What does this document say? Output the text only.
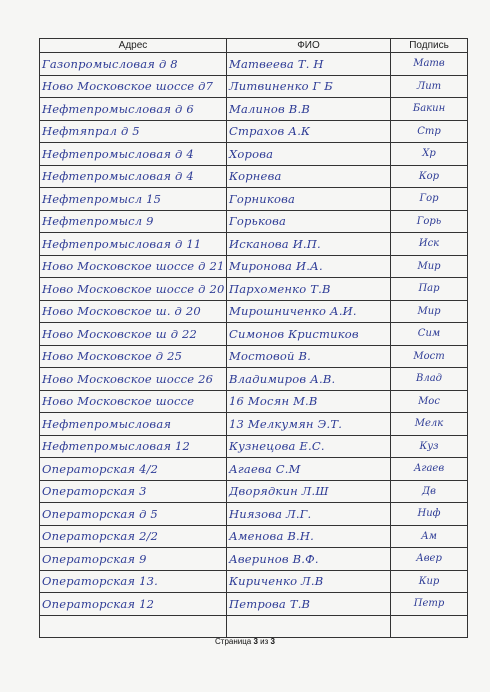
Адрес	ФИО	Подпись
Газопромысловая д 8	Матвеева Т. Н	Матв
Ново Московское шоссе д7	Литвиненко Г Б	Лит
Нефтепромысловая д 6	Малинов В.В	Бакин
Нефтяпрал д 5	Страхов А.К	Стр
Нефтепромысловая д 4	Хорова	Хр
Нефтепромысловая д 4	Корнева	Кор
Нефтепромысл 15	Горникова	Гор
Нефтепромысл 9	Горькова	Горь
Нефтепромысловая д 11	Исканова И.П.	Иск
Ново Московское шоссе д 21	Миронова И.А.	Мир
Ново Московское шоссе д 20	Пархоменко Т.В	Пар
Ново Московское ш. д 20	Мирошниченко А.И.	Мир
Ново Московское ш д 22	Симонов Кристиков	Сим
Ново Московское д 25	Мостовой В.	Мост
Ново Московское шоссе 26	Владимиров А.В.	Влад
Ново Московское шоссе	16 Мосян М.В	Мос
Нефтепромысловая	13 Мелкумян Э.Т.	Мелк
Нефтепромысловая 12	Кузнецова Е.С.	Куз
Операторская 4/2	Агаева С.М	Агаев
Операторская 3	Дворядкин Л.Ш	Дв
Операторская д 5	Ниязова Л.Г.	Ниф
Операторская 2/2	Аменова В.Н.	Ам
Операторская 9	Аверинов В.Ф.	Авер
Операторская 13.	Кириченко Л.В	Кир
Операторская 12	Петрова Т.В	Петр

Страница 3 из 3
